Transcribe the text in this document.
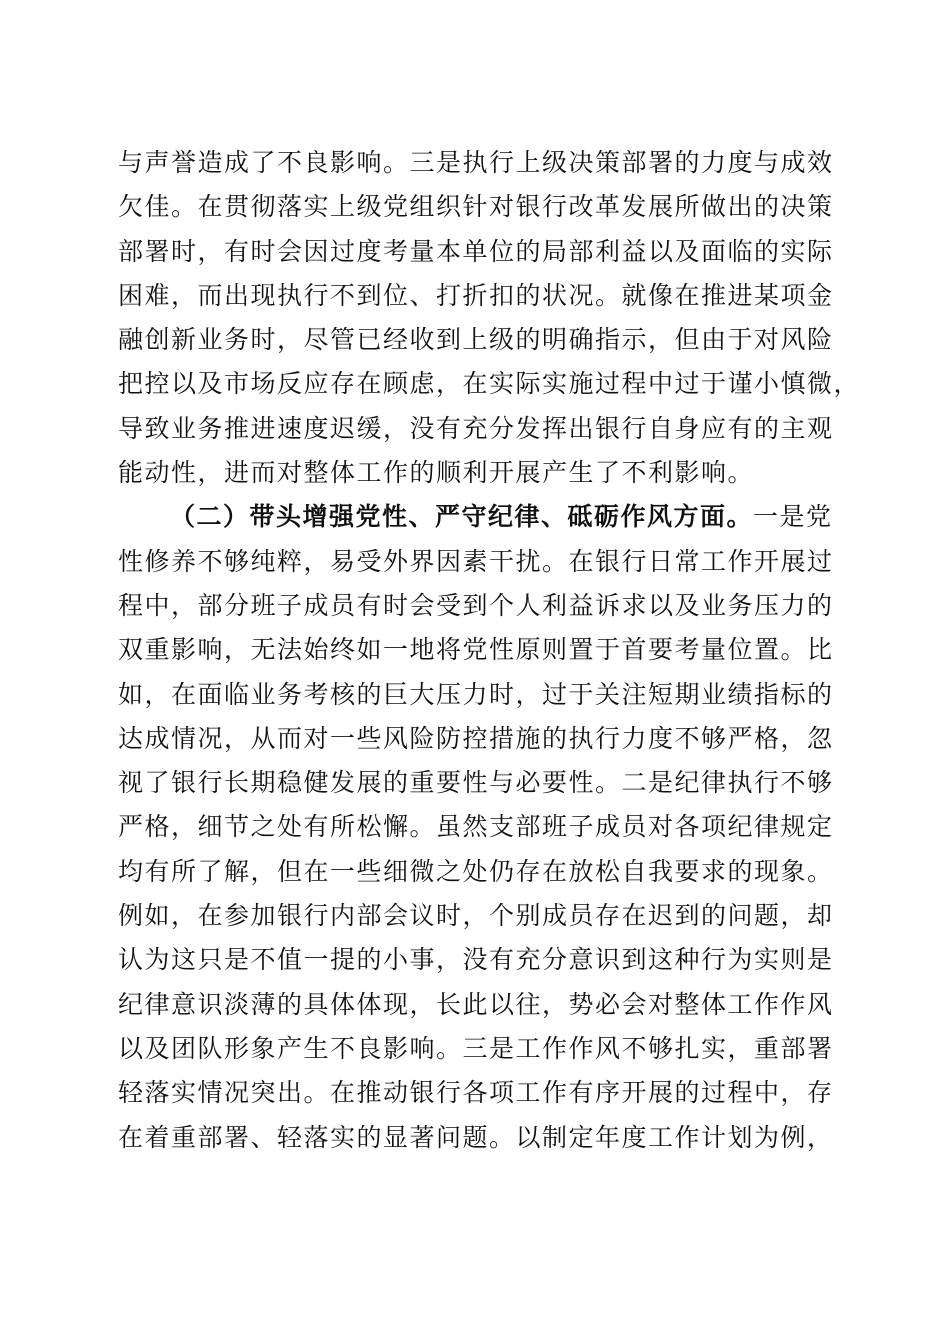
与声誉造成了不良影响。三是执行上级决策部署的力度与成效
欠佳。在贯彻落实上级党组织针对银行改革发展所做出的决策
部署时，有时会因过度考量本单位的局部利益以及面临的实际
困难，而出现执行不到位、打折扣的状况。就像在推进某项金
融创新业务时，尽管已经收到上级的明确指示，但由于对风险
把控以及市场反应存在顾虑，在实际实施过程中过于谨小慎微，
导致业务推进速度迟缓，没有充分发挥出银行自身应有的主观
能动性，进而对整体工作的顺利开展产生了不利影响。
（二）带头增强党性、严守纪律、砥砺作风方面。一是党
性修养不够纯粹，易受外界因素干扰。在银行日常工作开展过
程中，部分班子成员有时会受到个人利益诉求以及业务压力的
双重影响，无法始终如一地将党性原则置于首要考量位置。比
如，在面临业务考核的巨大压力时，过于关注短期业绩指标的
达成情况，从而对一些风险防控措施的执行力度不够严格，忽
视了银行长期稳健发展的重要性与必要性。二是纪律执行不够
严格，细节之处有所松懈。虽然支部班子成员对各项纪律规定
均有所了解，但在一些细微之处仍存在放松自我要求的现象。
例如，在参加银行内部会议时，个别成员存在迟到的问题，却
认为这只是不值一提的小事，没有充分意识到这种行为实则是
纪律意识淡薄的具体体现，长此以往，势必会对整体工作作风
以及团队形象产生不良影响。三是工作作风不够扎实，重部署
轻落实情况突出。在推动银行各项工作有序开展的过程中，存
在着重部署、轻落实的显著问题。以制定年度工作计划为例，
